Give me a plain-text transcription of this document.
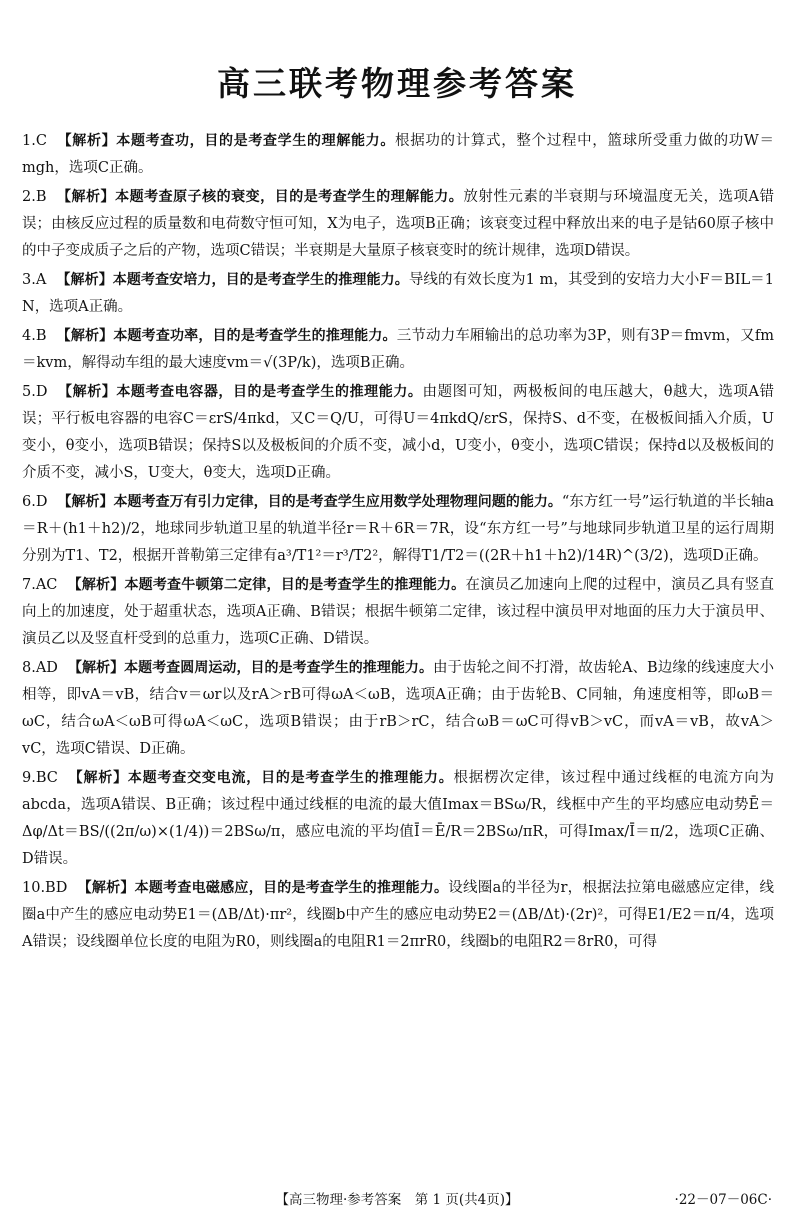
高三联考物理参考答案
1.C 【解析】本题考查功，目的是考查学生的理解能力。根据功的计算式，整个过程中，篮球所受重力做的功W＝mgh，选项C正确。
2.B 【解析】本题考查原子核的衰变，目的是考查学生的理解能力。放射性元素的半衰期与环境温度无关，选项A错误；由核反应过程的质量数和电荷数守恒可知，X为电子，选项B正确；该衰变过程中释放出来的电子是钴60原子核中的中子变成质子之后的产物，选项C错误；半衰期是大量原子核衰变时的统计规律，选项D错误。
3.A 【解析】本题考查安培力，目的是考查学生的推理能力。导线的有效长度为1 m，其受到的安培力大小F＝BIL＝1 N，选项A正确。
4.B 【解析】本题考查功率，目的是考查学生的推理能力。三节动力车厢输出的总功率为3P，则有3P＝fmvm，又fm＝kvm，解得动车组的最大速度vm＝√(3P/k)，选项B正确。
5.D 【解析】本题考查电容器，目的是考查学生的推理能力。由题图可知，两极板间的电压越大，θ越大，选项A错误；平行板电容器的电容C＝εrS/4πkd，又C＝Q/U，可得U＝4πkdQ/εrS，保持S、d不变，在极板间插入介质，U变小，θ变小，选项B错误；保持S以及极板间的介质不变，减小d，U变小，θ变小，选项C错误；保持d以及极板间的介质不变，减小S，U变大，θ变大，选项D正确。
6.D 【解析】本题考查万有引力定律，目的是考查学生应用数学处理物理问题的能力。“东方红一号”运行轨道的半长轴a＝R＋(h1＋h2)/2，地球同步轨道卫星的轨道半径r＝R＋6R＝7R，设“东方红一号”与地球同步轨道卫星的运行周期分别为T1、T2，根据开普勒第三定律有a³/T1²＝r³/T2²，解得T1/T2＝((2R＋h1＋h2)/14R)^(3/2)，选项D正确。
7.AC 【解析】本题考查牛顿第二定律，目的是考查学生的推理能力。在演员乙加速向上爬的过程中，演员乙具有竖直向上的加速度，处于超重状态，选项A正确、B错误；根据牛顿第二定律，该过程中演员甲对地面的压力大于演员甲、演员乙以及竖直杆受到的总重力，选项C正确、D错误。
8.AD 【解析】本题考查圆周运动，目的是考查学生的推理能力。由于齿轮之间不打滑，故齿轮A、B边缘的线速度大小相等，即vA＝vB，结合v＝ωr以及rA＞rB可得ωA＜ωB，选项A正确；由于齿轮B、C同轴，角速度相等，即ωB＝ωC，结合ωA＜ωB可得ωA＜ωC，选项B错误；由于rB＞rC，结合ωB＝ωC可得vB＞vC，而vA＝vB，故vA＞vC，选项C错误、D正确。
9.BC 【解析】本题考查交变电流，目的是考查学生的推理能力。根据楞次定律，该过程中通过线框的电流方向为abcda，选项A错误、B正确；该过程中通过线框的电流的最大值Imax＝BSω/R，线框中产生的平均感应电动势Ē＝Δφ/Δt＝BS/((2π/ω)×(1/4))＝2BSω/π，感应电流的平均值Ī＝Ē/R＝2BSω/πR，可得Imax/Ī＝π/2，选项C正确、D错误。
10.BD 【解析】本题考查电磁感应，目的是考查学生的推理能力。设线圈a的半径为r，根据法拉第电磁感应定律，线圈a中产生的感应电动势E1＝(ΔB/Δt)·πr²，线圈b中产生的感应电动势E2＝(ΔB/Δt)·(2r)²，可得E1/E2＝π/4，选项A错误；设线圈单位长度的电阻为R0，则线圈a的电阻R1＝2πrR0，线圈b的电阻R2＝8rR0，可得
【高三物理·参考答案　第 1 页(共4页)】	·22－07－06C·
